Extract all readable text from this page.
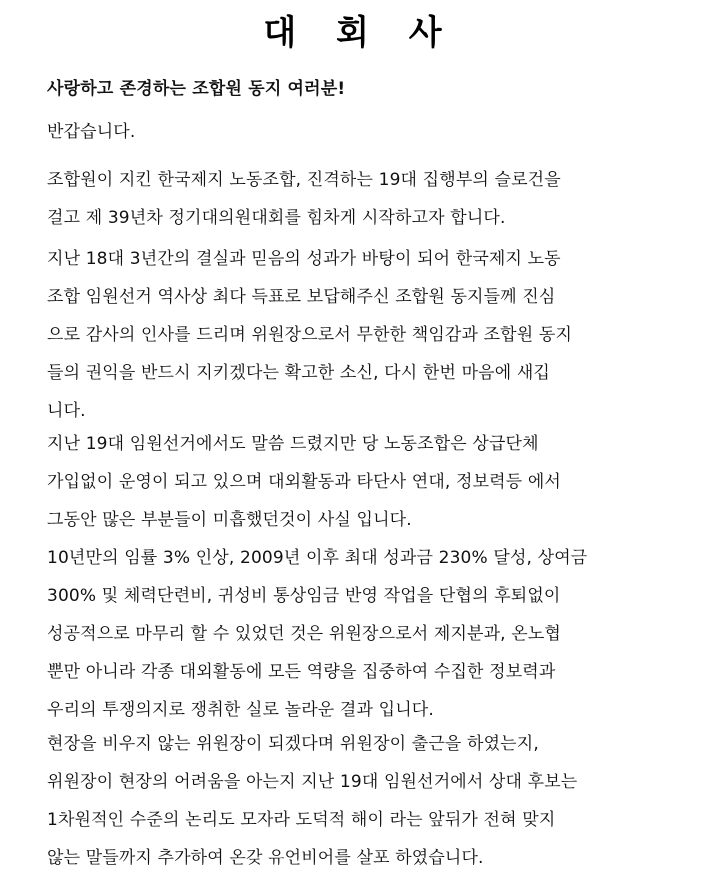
대 회 사
사랑하고 존경하는 조합원 동지 여러분!
반갑습니다.
조합원이 지킨 한국제지 노동조합, 진격하는 19대 집행부의 슬로건을
걸고 제 39년차 정기대의원대회를 힘차게 시작하고자 합니다.
지난 18대 3년간의 결실과 믿음의 성과가 바탕이 되어 한국제지 노동
조합 임원선거 역사상 최다 득표로 보답해주신 조합원 동지들께 진심
으로 감사의 인사를 드리며 위원장으로서 무한한 책임감과 조합원 동지
들의 권익을 반드시 지키겠다는 확고한 소신, 다시 한번 마음에 새깁
니다.
지난 19대 임원선거에서도 말씀 드렸지만 당 노동조합은 상급단체
가입없이 운영이 되고 있으며 대외활동과 타단사 연대, 정보력등 에서
그동안 많은 부분들이 미흡했던것이 사실 입니다.
10년만의 임률 3% 인상, 2009년 이후 최대 성과금 230% 달성, 상여금
300% 및 체력단련비, 귀성비 통상임금 반영 작업을 단협의 후퇴없이
성공적으로 마무리 할 수 있었던 것은 위원장으로서 제지분과, 온노협
뿐만 아니라 각종 대외활동에 모든 역량을 집중하여 수집한 정보력과
우리의 투쟁의지로 쟁취한 실로 놀라운 결과 입니다.
현장을 비우지 않는 위원장이 되겠다며 위원장이 출근을 하였는지,
위원장이 현장의 어려움을 아는지 지난 19대 임원선거에서 상대 후보는
1차원적인 수준의 논리도 모자라 도덕적 해이 라는 앞뒤가 전혀 맞지
않는 말들까지 추가하여 온갖 유언비어를 살포 하였습니다.
